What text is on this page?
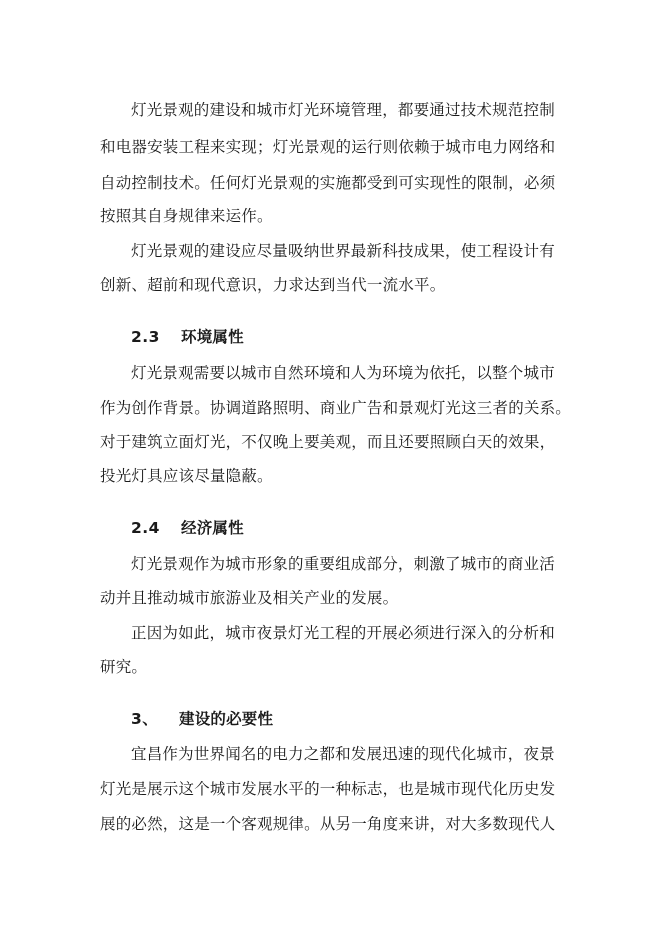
灯光景观的建设和城市灯光环境管理，都要通过技术规范控制
和电器安装工程来实现；灯光景观的运行则依赖于城市电力网络和
自动控制技术。任何灯光景观的实施都受到可实现性的限制，必须
按照其自身规律来运作。
灯光景观的建设应尽量吸纳世界最新科技成果，使工程设计有
创新、超前和现代意识，力求达到当代一流水平。
2.3 环境属性
灯光景观需要以城市自然环境和人为环境为依托，以整个城市
作为创作背景。协调道路照明、商业广告和景观灯光这三者的关系。
对于建筑立面灯光，不仅晚上要美观，而且还要照顾白天的效果，
投光灯具应该尽量隐蔽。
2.4 经济属性
灯光景观作为城市形象的重要组成部分，刺激了城市的商业活
动并且推动城市旅游业及相关产业的发展。
正因为如此，城市夜景灯光工程的开展必须进行深入的分析和
研究。
3、 建设的必要性
宜昌作为世界闻名的电力之都和发展迅速的现代化城市，夜景
灯光是展示这个城市发展水平的一种标志，也是城市现代化历史发
展的必然，这是一个客观规律。从另一角度来讲，对大多数现代人
